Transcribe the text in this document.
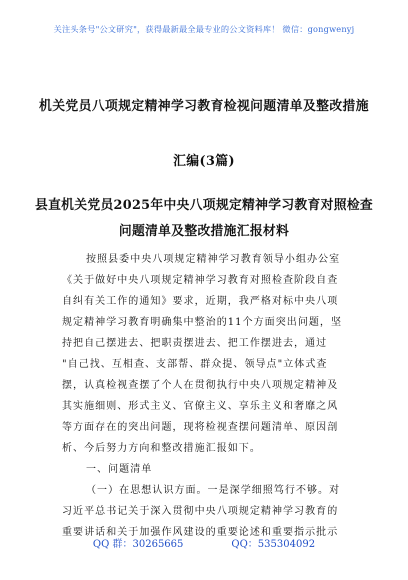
关注头条号"公文研究"，获得最新最全最专业的公文资料库！ 微信：gongwenyj
机关党员八项规定精神学习教育检视问题清单及整改措施
汇编(3篇)
县直机关党员2025年中央八项规定精神学习教育对照检查
问题清单及整改措施汇报材料
按照县委中央八项规定精神学习教育领导小组办公室
《关于做好中央八项规定精神学习教育对照检查阶段自查
自纠有关工作的通知》要求，近期，我严格对标中央八项
规定精神学习教育明确集中整治的11个方面突出问题，坚
持把自己摆进去、把职责摆进去、把工作摆进去，通过
"自己找、互相查、支部帮、群众提、领导点"立体式查
摆，认真检视查摆了个人在贯彻执行中央八项规定精神及
其实施细则、形式主义、官僚主义、享乐主义和奢靡之风
等方面存在的突出问题，现将检视查摆问题清单、原因剖
析、今后努力方向和整改措施汇报如下。
一、问题清单
（一）在思想认识方面。一是深学细照笃行不够。对
习近平总书记关于深入贯彻中央八项规定精神学习教育的
重要讲话和关于加强作风建设的重要论述和重要指示批示
QQ 群：30265665	QQ：535304092
